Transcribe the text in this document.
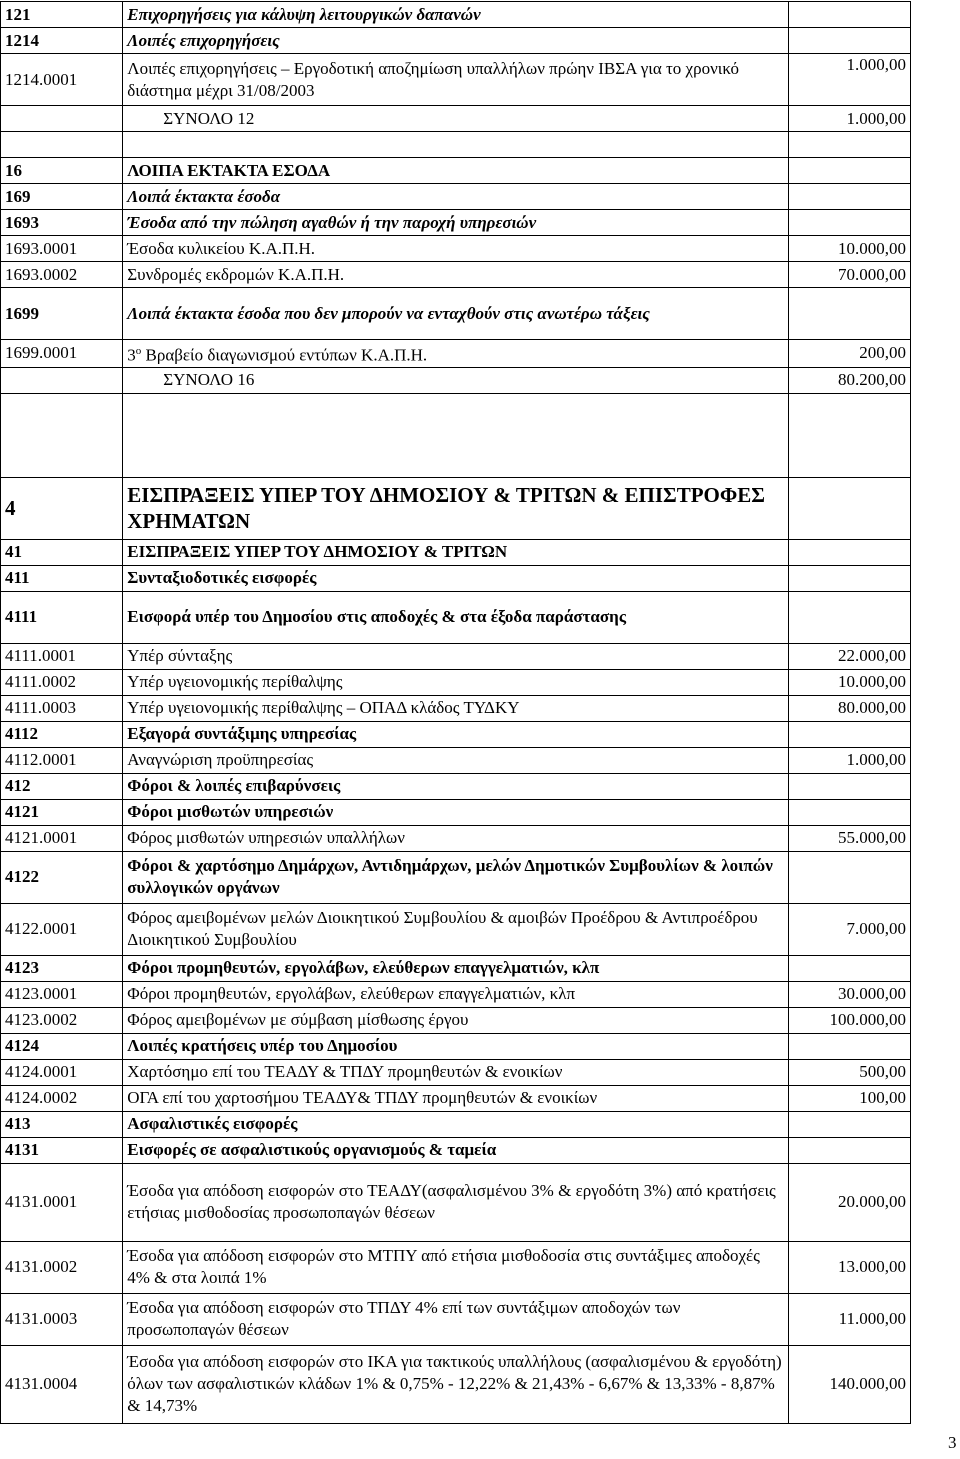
121	Επιχορηγήσεις για κάλυψη λειτουργικών δαπανών	
1214	Λοιπές επιχορηγήσεις	
1214.0001	Λοιπές επιχορηγήσεις – Εργοδοτική αποζημίωση υπαλλήλων πρώην ΙΒΣΑ για το χρονικό διάστημα μέχρι 31/08/2003	1.000,00
	ΣΥΝΟΛΟ 12	1.000,00

16	ΛΟΙΠΑ ΕΚΤΑΚΤΑ ΕΣΟΔΑ	
169	Λοιπά έκτακτα έσοδα	
1693	Έσοδα από την πώληση αγαθών ή την παροχή υπηρεσιών	
1693.0001	Έσοδα κυλικείου Κ.Α.Π.Η.	10.000,00
1693.0002	Συνδρομές εκδρομών Κ.Α.Π.Η.	70.000,00
1699	Λοιπά έκτακτα έσοδα που δεν μπορούν να ενταχθούν στις ανωτέρω τάξεις	
1699.0001	$3^o$ Βραβείο διαγωνισμού εντύπων Κ.Α.Π.Η.	200,00
	ΣΥΝΟΛΟ 16	80.200,00

4	ΕΙΣΠΡΑΞΕΙΣ ΥΠΕΡ ΤΟΥ ΔΗΜΟΣΙΟΥ & ΤΡΙΤΩΝ & ΕΠΙΣΤΡΟΦΕΣ ΧΡΗΜΑΤΩΝ	
41	ΕΙΣΠΡΑΞΕΙΣ ΥΠΕΡ ΤΟΥ ΔΗΜΟΣΙΟΥ & ΤΡΙΤΩΝ	
411	Συνταξιοδοτικές εισφορές	
4111	Εισφορά υπέρ του Δημοσίου στις αποδοχές & στα έξοδα παράστασης	
4111.0001	Υπέρ σύνταξης	22.000,00
4111.0002	Υπέρ υγειονομικής περίθαλψης	10.000,00
4111.0003	Υπέρ υγειονομικής περίθαλψης – ΟΠΑΔ κλάδος ΤΥΔΚΥ	80.000,00
4112	Εξαγορά συντάξιμης υπηρεσίας	
4112.0001	Αναγνώριση προϋπηρεσίας	1.000,00
412	Φόροι & λοιπές επιβαρύνσεις	
4121	Φόροι μισθωτών υπηρεσιών	
4121.0001	Φόρος μισθωτών υπηρεσιών υπαλλήλων	55.000,00
4122	Φόροι & χαρτόσημο Δημάρχων, Αντιδημάρχων, μελών Δημοτικών Συμβουλίων & λοιπών συλλογικών οργάνων	
4122.0001	Φόρος αμειβομένων μελών Διοικητικού Συμβουλίου & αμοιβών Προέδρου & Αντιπροέδρου Διοικητικού Συμβουλίου	7.000,00
4123	Φόροι προμηθευτών, εργολάβων, ελεύθερων επαγγελματιών, κλπ	
4123.0001	Φόροι προμηθευτών, εργολάβων, ελεύθερων επαγγελματιών, κλπ	30.000,00
4123.0002	Φόρος αμειβομένων με σύμβαση μίσθωσης έργου	100.000,00
4124	Λοιπές κρατήσεις υπέρ του Δημοσίου	
4124.0001	Χαρτόσημο επί του ΤΕΑΔΥ & ΤΠΔΥ προμηθευτών & ενοικίων	500,00
4124.0002	ΟΓΑ επί του χαρτοσήμου ΤΕΑΔΥ& ΤΠΔΥ προμηθευτών & ενοικίων	100,00
413	Ασφαλιστικές εισφορές	
4131	Εισφορές σε ασφαλιστικούς οργανισμούς & ταμεία	
4131.0001	Έσοδα για απόδοση εισφορών στο ΤΕΑΔΥ(ασφαλισμένου 3% & εργοδότη 3%) από κρατήσεις ετήσιας μισθοδοσίας προσωπoπαγών θέσεων	20.000,00
4131.0002	Έσοδα για απόδοση εισφορών στο ΜΤΠΥ από ετήσια μισθοδοσία στις συντάξιμες αποδοχές 4% & στα λοιπά 1%	13.000,00
4131.0003	Έσοδα για απόδοση εισφορών στο ΤΠΔΥ 4% επί των συντάξιμων αποδοχών των προσωποπαγών θέσεων	11.000,00
4131.0004	Έσοδα για απόδοση εισφορών στο ΙΚΑ για τακτικούς υπαλλήλους (ασφαλισμένου & εργοδότη) όλων των ασφαλιστικών κλάδων 1% & 0,75% - 12,22% & 21,43% - 6,67% & 13,33% - 8,87% & 14,73%	140.000,00
3
